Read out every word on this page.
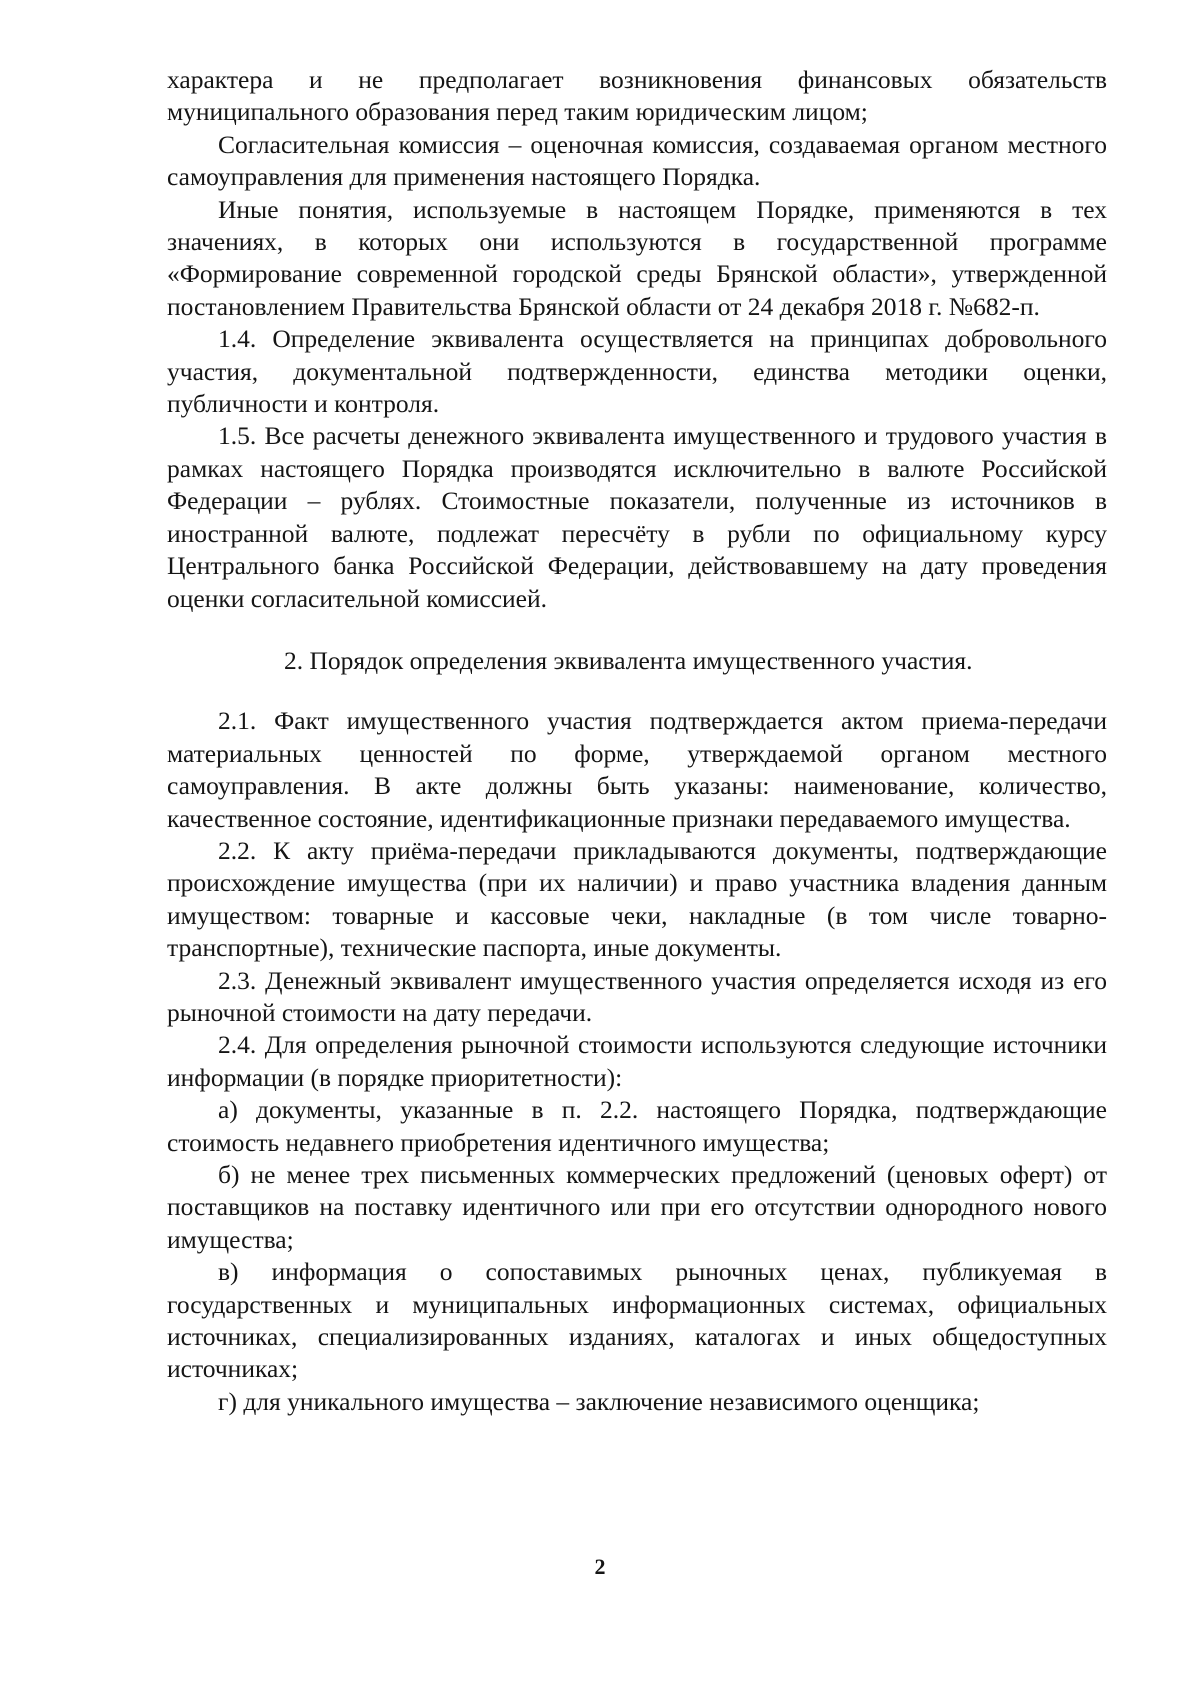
характера и не предполагает возникновения финансовых обязательств муниципального образования перед таким юридическим лицом;

Согласительная комиссия – оценочная комиссия, создаваемая органом местного самоуправления для применения настоящего Порядка.

Иные понятия, используемые в настоящем Порядке, применяются в тех значениях, в которых они используются в государственной программе «Формирование современной городской среды Брянской области», утвержденной постановлением Правительства Брянской области от 24 декабря 2018 г. №682-п.

1.4. Определение эквивалента осуществляется на принципах добровольного участия, документальной подтвержденности, единства методики оценки, публичности и контроля.

1.5. Все расчеты денежного эквивалента имущественного и трудового участия в рамках настоящего Порядка производятся исключительно в валюте Российской Федерации – рублях. Стоимостные показатели, полученные из источников в иностранной валюте, подлежат пересчёту в рубли по официальному курсу Центрального банка Российской Федерации, действовавшему на дату проведения оценки согласительной комиссией.

2. Порядок определения эквивалента имущественного участия.

2.1. Факт имущественного участия подтверждается актом приема-передачи материальных ценностей по форме, утверждаемой органом местного самоуправления. В акте должны быть указаны: наименование, количество, качественное состояние, идентификационные признаки передаваемого имущества.

2.2. К акту приёма-передачи прикладываются документы, подтверждающие происхождение имущества (при их наличии) и право участника владения данным имуществом: товарные и кассовые чеки, накладные (в том числе товарно-транспортные), технические паспорта, иные документы.

2.3. Денежный эквивалент имущественного участия определяется исходя из его рыночной стоимости на дату передачи.

2.4. Для определения рыночной стоимости используются следующие источники информации (в порядке приоритетности):

а) документы, указанные в п. 2.2. настоящего Порядка, подтверждающие стоимость недавнего приобретения идентичного имущества;

б) не менее трех письменных коммерческих предложений (ценовых оферт) от поставщиков на поставку идентичного или при его отсутствии однородного нового имущества;

в) информация о сопоставимых рыночных ценах, публикуемая в государственных и муниципальных информационных системах, официальных источниках, специализированных изданиях, каталогах и иных общедоступных источниках;

г) для уникального имущества – заключение независимого оценщика;

2
